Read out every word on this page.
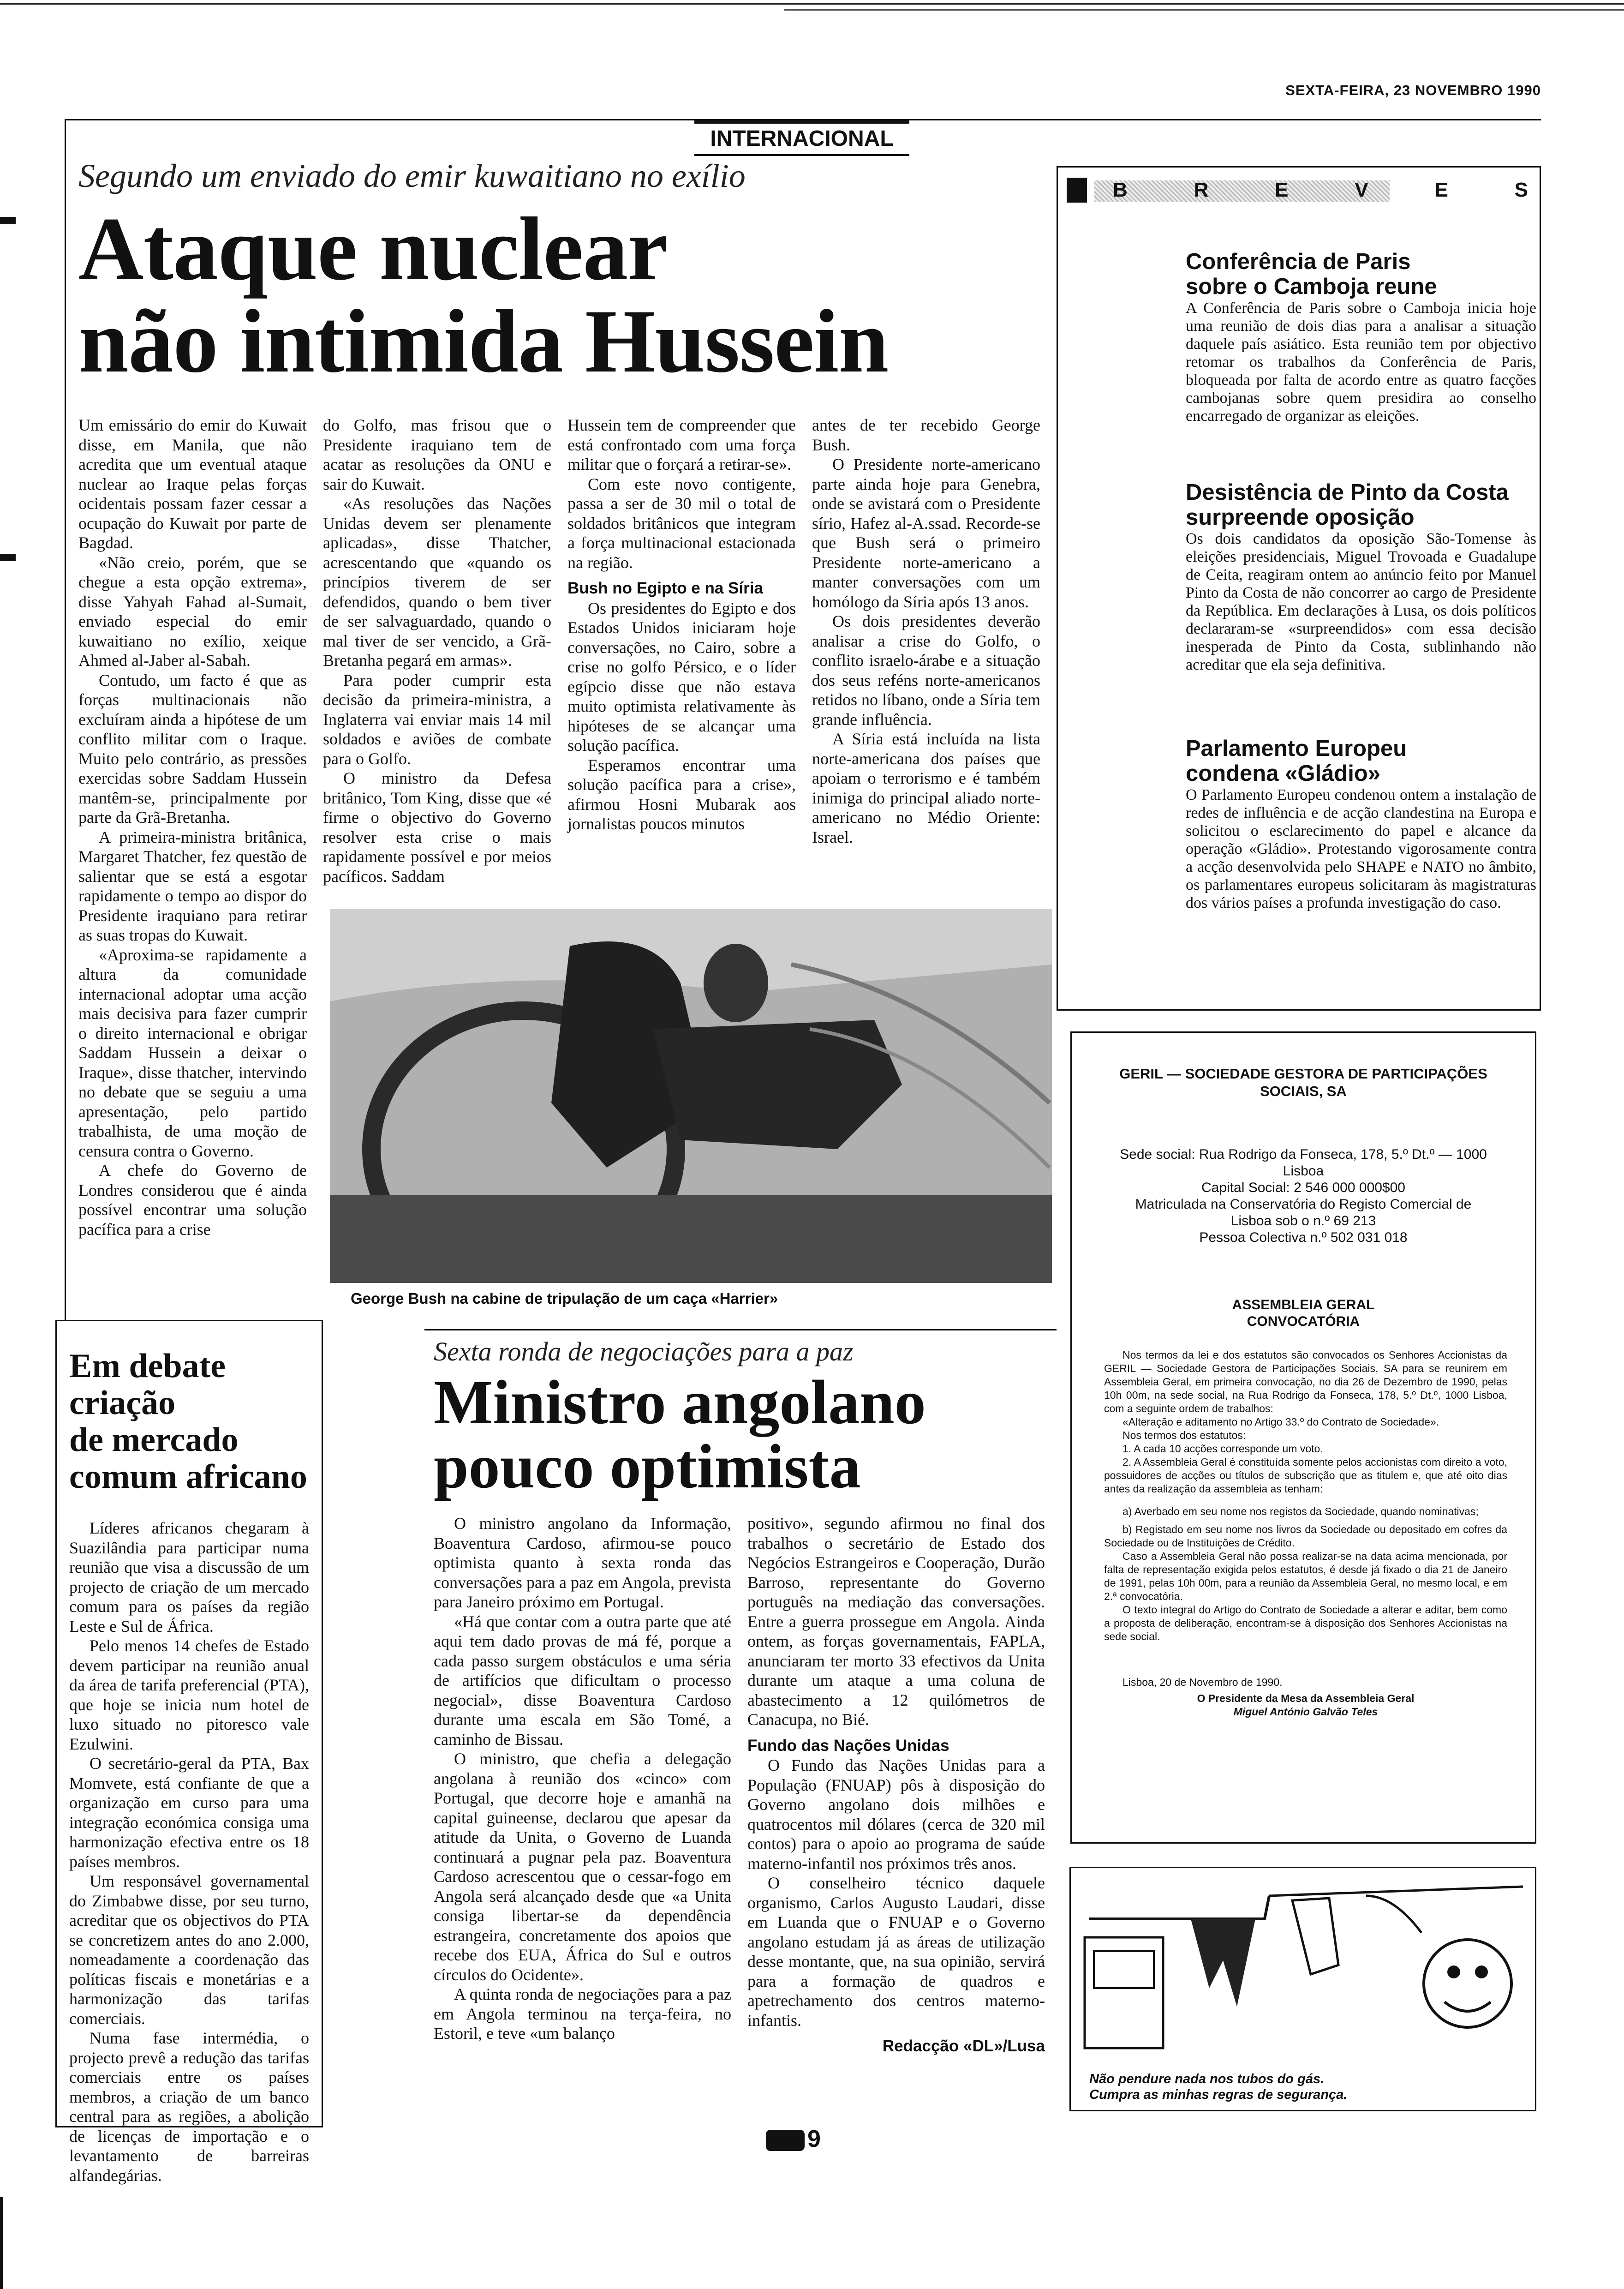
SEXTA-FEIRA, 23 NOVEMBRO 1990
INTERNACIONAL
Segundo um enviado do emir kuwaitiano no exílio
Ataque nuclear
não intimida Hussein

Um emissário do emir do Kuwait disse, em Manila, que não acredita que um eventual ataque nuclear ao Iraque pelas forças ocidentais possam fazer cessar a ocupação do Kuwait por parte de Bagdad.

«Não creio, porém, que se chegue a esta opção extrema», disse Yahyah Fahad al-Sumait, enviado especial do emir kuwaitiano no exílio, xeique Ahmed al-Jaber al-Sabah.

Contudo, um facto é que as forças multinacionais não excluíram ainda a hipótese de um conflito militar com o Iraque. Muito pelo contrário, as pressões exercidas sobre Saddam Hussein mantêm-se, principalmente por parte da Grã-Bretanha.

A primeira-ministra britânica, Margaret Thatcher, fez questão de salientar que se está a esgotar rapidamente o tempo ao dispor do Presidente iraquiano para retirar as suas tropas do Kuwait.

«Aproxima-se rapidamente a altura da comunidade internacional adoptar uma acção mais decisiva para fazer cumprir o direito internacional e obrigar Saddam Hussein a deixar o Iraque», disse thatcher, intervindo no debate que se seguiu a uma apresentação, pelo partido trabalhista, de uma moção de censura contra o Governo.

A chefe do Governo de Londres considerou que é ainda possível encontrar uma solução pacífica para a crise

do Golfo, mas frisou que o Presidente iraquiano tem de acatar as resoluções da ONU e sair do Kuwait.

«As resoluções das Nações Unidas devem ser plenamente aplicadas», disse Thatcher, acrescentando que «quando os princípios tiverem de ser defendidos, quando o bem tiver de ser salvaguardado, quando o mal tiver de ser vencido, a Grã-Bretanha pegará em armas».

Para poder cumprir esta decisão da primeira-ministra, a Inglaterra vai enviar mais 14 mil soldados e aviões de combate para o Golfo.

O ministro da Defesa britânico, Tom King, disse que «é firme o objectivo do Governo resolver esta crise o mais rapidamente possível e por meios pacíficos. Saddam

Hussein tem de compreender que está confrontado com uma força militar que o forçará a retirar-se».

Com este novo contigente, passa a ser de 30 mil o total de soldados britânicos que integram a força multinacional estacionada na região.

Bush no Egipto e na Síria

Os presidentes do Egipto e dos Estados Unidos iniciaram hoje conversações, no Cairo, sobre a crise no golfo Pérsico, e o líder egípcio disse que não estava muito optimista relativamente às hipóteses de se alcançar uma solução pacífica.

Esperamos encontrar uma solução pacífica para a crise», afirmou Hosni Mubarak aos jornalistas poucos minutos

antes de ter recebido George Bush.

O Presidente norte-americano parte ainda hoje para Genebra, onde se avistará com o Presidente sírio, Hafez al-A.ssad. Recorde-se que Bush será o primeiro Presidente norte-americano a manter conversações com um homólogo da Síria após 13 anos.

Os dois presidentes deverão analisar a crise do Golfo, o conflito israelo-árabe e a situação dos seus reféns norte-americanos retidos no líbano, onde a Síria tem grande influência.

A Síria está incluída na lista norte-americana dos países que apoiam o terrorismo e é também inimiga do principal aliado norte-americano no Médio Oriente: Israel.

George Bush na cabine de tripulação de um caça «Harrier»
B	R	E	V	E	S
Conferência de Paris
sobre o Camboja reune
A Conferência de Paris sobre o Camboja inicia hoje uma reunião de dois dias para a analisar a situação daquele país asiático. Esta reunião tem por objectivo retomar os trabalhos da Conferência de Paris, bloqueada por falta de acordo entre as quatro facções cambojanas sobre quem presidira ao conselho encarregado de organizar as eleições.
Desistência de Pinto da Costa
surpreende oposição
Os dois candidatos da oposição São-Tomense às eleições presidenciais, Miguel Trovoada e Guadalupe de Ceita, reagiram ontem ao anúncio feito por Manuel Pinto da Costa de não concorrer ao cargo de Presidente da República. Em declarações à Lusa, os dois políticos declararam-se «surpreendidos» com essa decisão inesperada de Pinto da Costa, sublinhando não acreditar que ela seja definitiva.
Parlamento Europeu
condena «Gládio»
O Parlamento Europeu condenou ontem a instalação de redes de influência e de acção clandestina na Europa e solicitou o esclarecimento do papel e alcance da operação «Gládio». Protestando vigorosamente contra a acção desenvolvida pelo SHAPE e NATO no âmbito, os parlamentares europeus solicitaram às magistraturas dos vários países a profunda investigação do caso.
Em debate
criação
de mercado
comum africano

Líderes africanos chegaram à Suazilândia para participar numa reunião que visa a discussão de um projecto de criação de um mercado comum para os países da região Leste e Sul de África.

Pelo menos 14 chefes de Estado devem participar na reunião anual da área de tarifa preferencial (PTA), que hoje se inicia num hotel de luxo situado no pitoresco vale Ezulwini.

O secretário-geral da PTA, Bax Momvete, está confiante de que a organização em curso para uma integração económica consiga uma harmonização efectiva entre os 18 países membros.

Um responsável governamental do Zimbabwe disse, por seu turno, acreditar que os objectivos do PTA se concretizem antes do ano 2.000, nomeadamente a coordenação das políticas fiscais e monetárias e a harmonização das tarifas comerciais.

Numa fase intermédia, o projecto prevê a redução das tarifas comerciais entre os países membros, a criação de um banco central para as regiões, a abolição de licenças de importação e o levantamento de barreiras alfandegárias.

Sexta ronda de negociações para a paz
Ministro angolano
pouco optimista

O ministro angolano da Informação, Boaventura Cardoso, afirmou-se pouco optimista quanto à sexta ronda das conversações para a paz em Angola, prevista para Janeiro próximo em Portugal.

«Há que contar com a outra parte que até aqui tem dado provas de má fé, porque a cada passo surgem obstáculos e uma séria de artifícios que dificultam o processo negocial», disse Boaventura Cardoso durante uma escala em São Tomé, a caminho de Bissau.

O ministro, que chefia a delegação angolana à reunião dos «cinco» com Portugal, que decorre hoje e amanhã na capital guineense, declarou que apesar da atitude da Unita, o Governo de Luanda continuará a pugnar pela paz. Boaventura Cardoso acrescentou que o cessar-fogo em Angola será alcançado desde que «a Unita consiga libertar-se da dependência estrangeira, concretamente dos apoios que recebe dos EUA, África do Sul e outros círculos do Ocidente».

A quinta ronda de negociações para a paz em Angola terminou na terça-feira, no Estoril, e teve «um balanço

positivo», segundo afirmou no final dos trabalhos o secretário de Estado dos Negócios Estrangeiros e Cooperação, Durão Barroso, representante do Governo português na mediação das conversações. Entre a guerra prossegue em Angola. Ainda ontem, as forças governamentais, FAPLA, anunciaram ter morto 33 efectivos da Unita durante um ataque a uma coluna de abastecimento a 12 quilómetros de Canacupa, no Bié.

Fundo das Nações Unidas

O Fundo das Nações Unidas para a População (FNUAP) pôs à disposição do Governo angolano dois milhões e quatrocentos mil dólares (cerca de 320 mil contos) para o apoio ao programa de saúde materno-infantil nos próximos três anos.

O conselheiro técnico daquele organismo, Carlos Augusto Laudari, disse em Luanda que o FNUAP e o Governo angolano estudam já as áreas de utilização desse montante, que, na sua opinião, servirá para a formação de quadros e apetrechamento dos centros materno-infantis.

Redacção «DL»/Lusa

GERIL — SOCIEDADE GESTORA DE PARTICIPAÇÕES
SOCIAIS, SA
Sede social: Rua Rodrigo da Fonseca, 178, 5.º Dt.º — 1000
Lisboa
Capital Social: 2 546 000 000$00
Matriculada na Conservatória do Registo Comercial de
Lisboa sob o n.º 69 213
Pessoa Colectiva n.º 502 031 018
ASSEMBLEIA GERAL
CONVOCATÓRIA
Nos termos da lei e dos estatutos são convocados os Senhores Accionistas da GERIL — Sociedade Gestora de Participações Sociais, SA para se reunirem em Assembleia Geral, em primeira convocação, no dia 26 de Dezembro de 1990, pelas 10h 00m, na sede social, na Rua Rodrigo da Fonseca, 178, 5.º Dt.º, 1000 Lisboa, com a seguinte ordem de trabalhos:
«Alteração e aditamento no Artigo 33.º do Contrato de Sociedade».
Nos termos dos estatutos:
1. A cada 10 acções corresponde um voto.
2. A Assembleia Geral é constituída somente pelos accionistas com direito a voto, possuidores de acções ou títulos de subscrição que as titulem e, que até oito dias antes da realização da assembleia as tenham:
a) Averbado em seu nome nos registos da Sociedade, quando nominativas;
b) Registado em seu nome nos livros da Sociedade ou depositado em cofres da Sociedade ou de Instituições de Crédito.
Caso a Assembleia Geral não possa realizar-se na data acima mencionada, por falta de representação exigida pelos estatutos, é desde já fixado o dia 21 de Janeiro de 1991, pelas 10h 00m, para a reunião da Assembleia Geral, no mesmo local, e em 2.ª convocatória.
O texto integral do Artigo do Contrato de Sociedade a alterar e aditar, bem como a proposta de deliberação, encontram-se à disposição dos Senhores Accionistas na sede social.
Lisboa, 20 de Novembro de 1990.
O Presidente da Mesa da Assembleia Geral
Miguel António Galvão Teles
Não pendure nada nos tubos do gás.
Cumpra as minhas regras de segurança.
9
